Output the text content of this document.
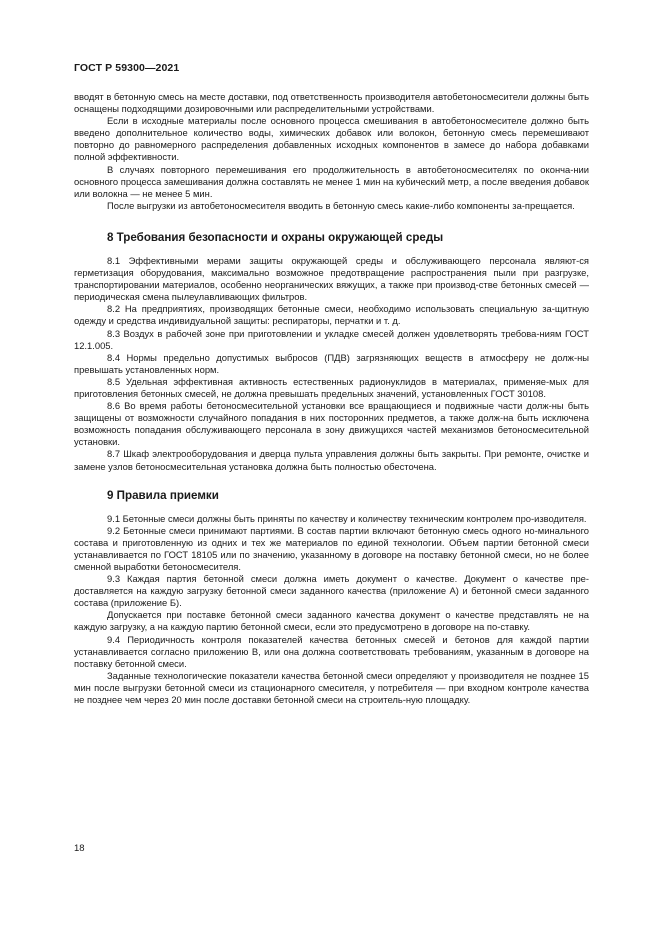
ГОСТ Р 59300—2021

вводят в бетонную смесь на месте доставки, под ответственность производителя автобетоносмесители должны быть оснащены подходящими дозировочными или распределительными устройствами.

Если в исходные материалы после основного процесса смешивания в автобетоносмесителе должно быть введено дополнительное количество воды, химических добавок или волокон, бетонную смесь перемешивают повторно до равномерного распределения добавленных исходных компонентов в замесе до набора добавками полной эффективности.

В случаях повторного перемешивания его продолжительность в автобетоносмесителях по оконча-нии основного процесса замешивания должна составлять не менее 1 мин на кубический метр, а после введения добавок или волокна — не менее 5 мин.

После выгрузки из автобетоносмесителя вводить в бетонную смесь какие-либо компоненты за-прещается.

8 Требования безопасности и охраны окружающей среды

8.1 Эффективными мерами защиты окружающей среды и обслуживающего персонала являют-ся герметизация оборудования, максимально возможное предотвращение распространения пыли при разгрузке, транспортировании материалов, особенно неорганических вяжущих, а также при производ-стве бетонных смесей — периодическая смена пылеулавливающих фильтров.

8.2 На предприятиях, производящих бетонные смеси, необходимо использовать специальную за-щитную одежду и средства индивидуальной защиты: респираторы, перчатки и т. д.

8.3 Воздух в рабочей зоне при приготовлении и укладке смесей должен удовлетворять требова-ниям ГОСТ 12.1.005.

8.4 Нормы предельно допустимых выбросов (ПДВ) загрязняющих веществ в атмосферу не долж-ны превышать установленных норм.

8.5 Удельная эффективная активность естественных радионуклидов в материалах, применяе-мых для приготовления бетонных смесей, не должна превышать предельных значений, установленных ГОСТ 30108.

8.6 Во время работы бетоносмесительной установки все вращающиеся и подвижные части долж-ны быть защищены от возможности случайного попадания в них посторонних предметов, а также долж-на быть исключена возможность попадания обслуживающего персонала в зону движущихся частей механизмов бетоносмесительной установки.

8.7 Шкаф электрооборудования и дверца пульта управления должны быть закрыты. При ремонте, очистке и замене узлов бетоносмесительная установка должна быть полностью обесточена.

9 Правила приемки

9.1 Бетонные смеси должны быть приняты по качеству и количеству техническим контролем про-изводителя.

9.2 Бетонные смеси принимают партиями. В состав партии включают бетонную смесь одного но-минального состава и приготовленную из одних и тех же материалов по единой технологии. Объем партии бетонной смеси устанавливается по ГОСТ 18105 или по значению, указанному в договоре на поставку бетонной смеси, но не более сменной выработки бетоносмесителя.

9.3 Каждая партия бетонной смеси должна иметь документ о качестве. Документ о качестве пре-доставляется на каждую загрузку бетонной смеси заданного качества (приложение А) и бетонной смеси заданного состава (приложение Б).

Допускается при поставке бетонной смеси заданного качества документ о качестве представлять не на каждую загрузку, а на каждую партию бетонной смеси, если это предусмотрено в договоре на по-ставку.

9.4 Периодичность контроля показателей качества бетонных смесей и бетонов для каждой партии устанавливается согласно приложению В, или она должна соответствовать требованиям, указанным в договоре на поставку бетонной смеси.

Заданные технологические показатели качества бетонной смеси определяют у производителя не позднее 15 мин после выгрузки бетонной смеси из стационарного смесителя, у потребителя — при входном контроле качества не позднее чем через 20 мин после доставки бетонной смеси на строитель-ную площадку.

18
